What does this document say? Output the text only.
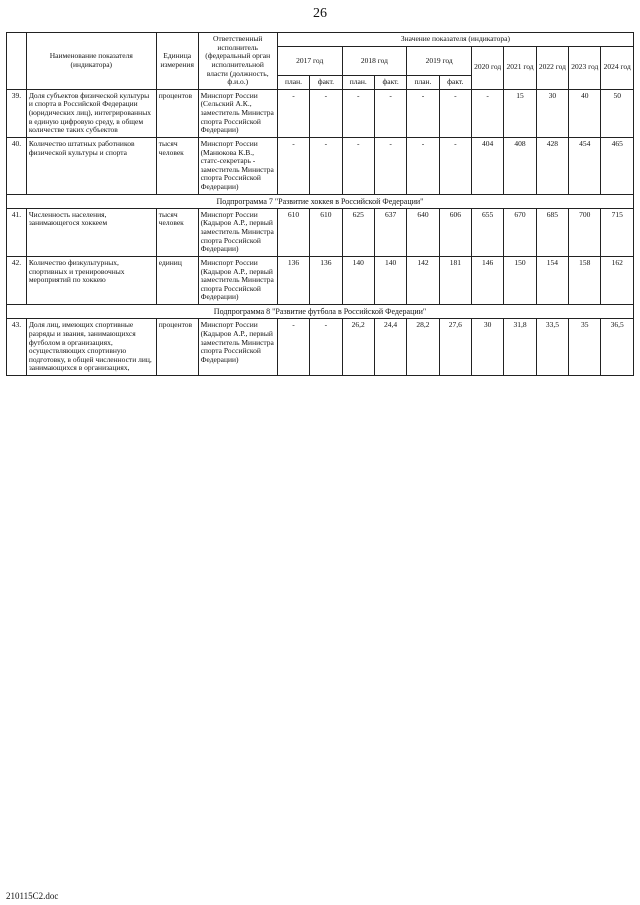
26
	Наименование показателя (индикатора)	Единица измерения	Ответственный исполнитель (федеральный орган исполнительной власти (должность, ф.и.о.)	Значение показателя (индикатора)										
				2017 год		2018 год		2019 год		2020 год	2021 год	2022 год	2023 год	2024 год
				план.	факт.	план.	факт.	план.	факт.					
39.	Доля субъектов физической культуры и спорта в Российской Федерации (юридических лиц), интегрированных в единую цифровую среду, в общем количестве таких субъектов	процентов	Минспорт России (Сельский А.К., заместитель Министра спорта Российской Федерации)	-	-	-	-	-	-	-	15	30	40	50
40.	Количество штатных работников физической культуры и спорта	тысяч человек	Минспорт России (Манюкова К.В., статс-секретарь - заместитель Министра спорта Российской Федерации)	-	-	-	-	-	-	404	408	428	454	465
Подпрограмма 7 "Развитие хоккея в Российской Федерации"														
41.	Численность населения, занимающегося хоккеем	тысяч человек	Минспорт России (Кадыров А.Р., первый заместитель Министра спорта Российской Федерации)	610	610	625	637	640	606	655	670	685	700	715
42.	Количество физкультурных, спортивных и тренировочных мероприятий по хоккею	единиц	Минспорт России (Кадыров А.Р., первый заместитель Министра спорта Российской Федерации)	136	136	140	140	142	181	146	150	154	158	162
Подпрограмма 8 "Развитие футбола в Российской Федерации"														
43.	Доля лиц, имеющих спортивные разряды и звания, занимающихся футболом в организациях, осуществляющих спортивную подготовку, в общей численности лиц, занимающихся в организациях,	процентов	Минспорт России (Кадыров А.Р., первый заместитель Министра спорта Российской Федерации)	-	-	26,2	24,4	28,2	27,6	30	31,8	33,5	35	36,5
210115C2.doc
